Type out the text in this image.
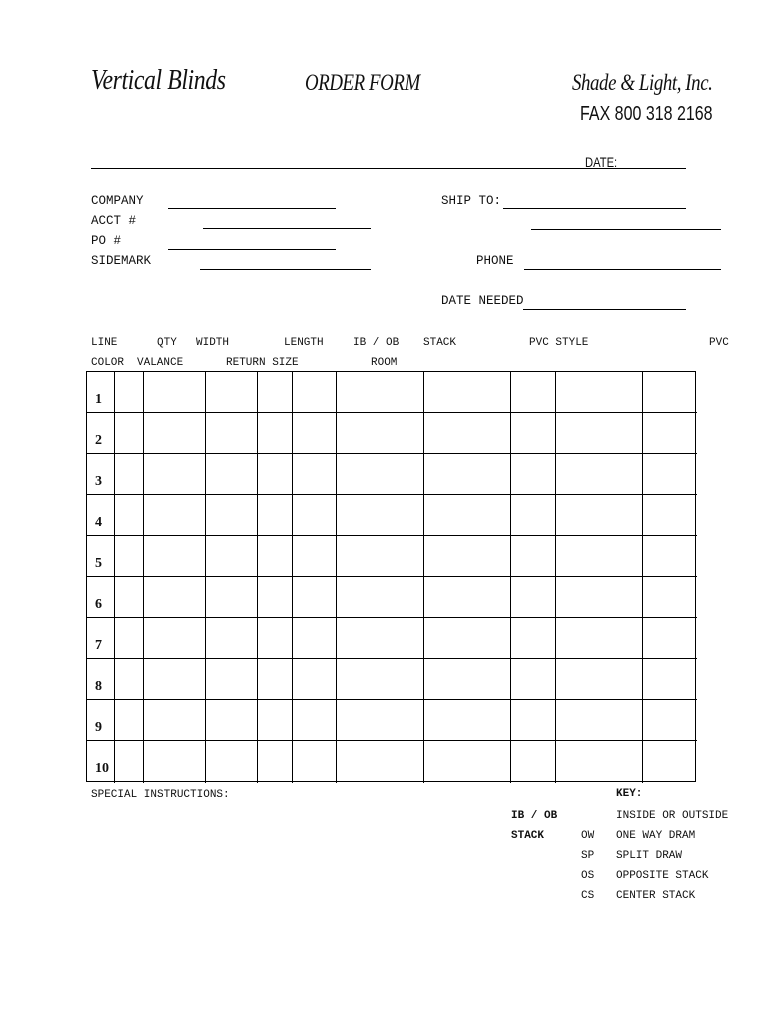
Vertical Blinds	ORDER FORM	Shade & Light, Inc.
FAX 800 318 2168
DATE:
COMPANY
ACCT #
PO #
SIDEMARK
SHIP TO:
PHONE
DATE NEEDED
LINE	QTY WIDTH	LENGTH	IB / OB STACK	PVC STYLE	PVC
COLOR VALANCE	RETURN SIZE	ROOM
1
2
3
4
5
6
7
8
9
10
SPECIAL INSTRUCTIONS:	KEY:
IB / OB	INSIDE OR OUTSIDE
STACK	OW ONE WAY DRAM
SP SPLIT DRAW
OS OPPOSITE STACK
CS CENTER STACK
